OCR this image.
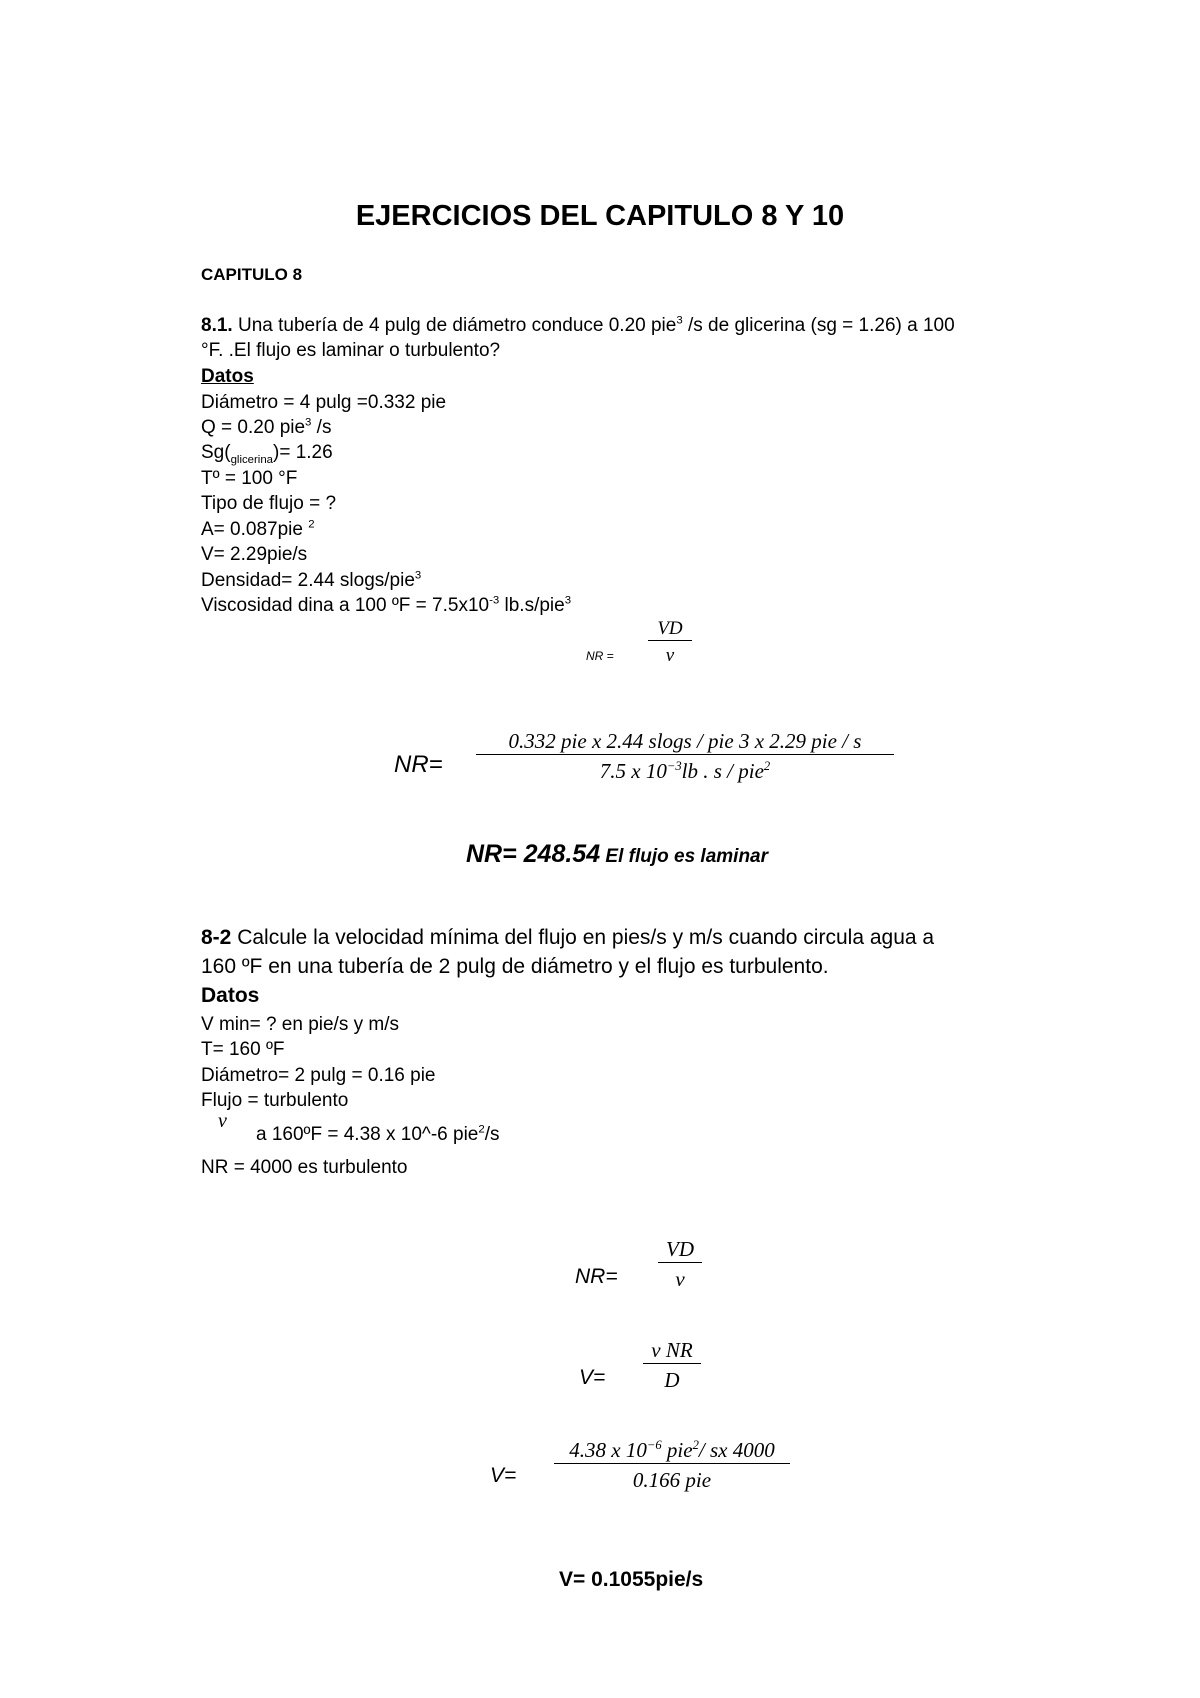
EJERCICIOS DEL CAPITULO 8 Y 10
CAPITULO 8
8.1. Una tubería de 4 pulg de diámetro conduce 0.20 pie$^3$ /s de glicerina (sg = 1.26) a 100
°F. .El flujo es laminar o turbulento?
Datos
Diámetro = 4 pulg =0.332 pie
Q = 0.20 pie$^3$ /s
$Sg(_{glicerina})= 1.26$
Tº = 100 °F
Tipo de flujo = ?
A= 0.087pie $^2$
V= 2.29pie/s
Densidad= 2.44 slogs/pie$^3$
Viscosidad dina a 100 ºF = $7.5x10^{-3}$ lb.s/pie$^3$
NR = $\frac{VD}{v}$
NR=
0.332 pie x 2.44 slogs / pie 3 x 2.29 pie / s
7.5 x $10^{-3}lb$ . s / pie$^2$
NR= 248.54 El flujo es laminar
8-2 Calcule la velocidad mínima del flujo en pies/s y m/s cuando circula agua a
160 ºF en una tubería de 2 pulg de diámetro y el flujo es turbulento.
Datos
V min= ? en pie/s y m/s
T= 160 ºF
Diámetro= 2 pulg = 0.16 pie
Flujo = turbulento
v
a 160ºF = 4.38 x 10^-6 pie$^2$/s
NR = 4000 es turbulento
$NR= \frac{VD}{v}$
$V= \frac{\text{v NR}}{D}$
V=
4.38 x $10^{-6}$ pie$^2$/ sx 4000
0.166 pie
V= 0.1055pie/s
